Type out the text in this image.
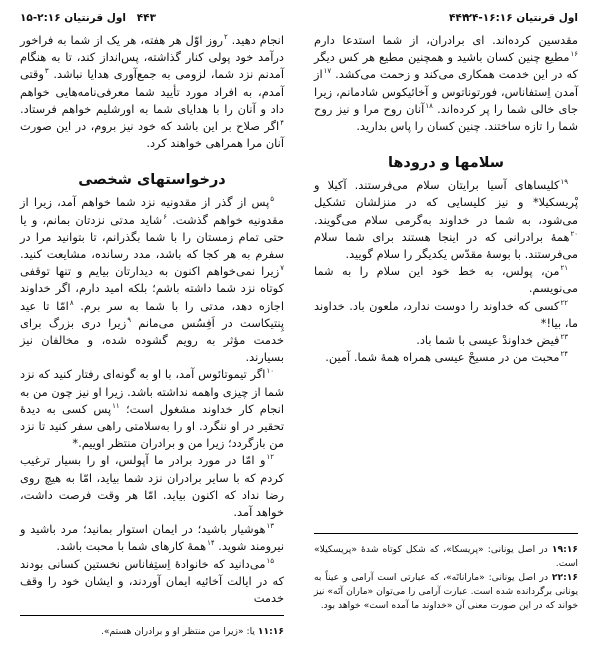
۴۴۳
اول قرنتیان ۱۵-۲:۱۶

انجام دهید. $^۲$روز اوّل هر هفته، هر یک از شما به فراخور درآمد خود پولی کنار گذاشته، پس‌انداز کند، تا به هنگام آمدنم نزد شما، لزومی به جمع‌آوری هدایا نباشد. $^۳$وقتی آمدم، به افراد مورد تأیید شما معرفی‌نامه‌هایی خواهم داد و آنان را با هدایای شما به اورشلیم خواهم فرستاد. $^۴$اگر صلاح بر این باشد که خود نیز بروم، در این صورت آنان مرا همراهی خواهند کرد.

درخواستهای شخصی

$^۵$پس از گذر از مقدونیه نزد شما خواهم آمد، زیرا از مقدونیه خواهم گذشت. $^۶$شاید مدتی نزدتان بمانم، و یا حتی تمام زمستان را با شما بگذرانم، تا بتوانید مرا در سفرم به هر کجا که باشد، مدد رسانده، مشایعت کنید. $^۷$زیرا نمی‌خواهم اکنون به دیدارتان بیایم و تنها توقفی کوتاه نزد شما داشته باشم؛ بلکه امید دارم، اگر خداوند اجازه دهد، مدتی را با شما به سر برم. $^۸$امّا تا عید پِنتیکاست در اَفِسُس می‌مانم $^۹$زیرا دری بزرگ برای خدمت مؤثر به رویم گشوده شده، و مخالفان نیز بسیارند.

$^{۱۰}$اگر تیموتائوس آمد، با او به گونه‌ای رفتار کنید که نزد شما از چیزی واهمه نداشته باشد. زیرا او نیز چون من به انجام کار خداوند مشغول است؛ $^{۱۱}$پس کسی به دیدهٔ تحقیر در او ننگرد. او را به‌سلامتی راهی سفر کنید تا نزد من بازگردد؛ زیرا من و برادران منتظر اوییم.*

$^{۱۲}$و امّا در مورد برادر ما آپولس، او را بسیار ترغیب کردم که با سایر برادران نزد شما بیاید، امّا به هیچ روی رضا نداد که اکنون بیاید. امّا هر وقت فرصت داشت، خواهد آمد.

$^{۱۳}$هوشیار باشید؛ در ایمان استوار بمانید؛ مرد باشید و نیرومند شوید. $^{۱۴}$همهٔ کارهای شما با محبت باشد.

$^{۱۵}$می‌دانید که خانوادهٔ اِستِفاناس نخستین کسانی بودند که در ایالت آخائیه ایمان آوردند، و ایشان خود را وقف خدمت

۱۱:۱۶ یا: «زیرا من منتظر او و برادران هستم».
اول قرنتیان ۲۴-۱۶:۱۶
۴۴۴

مقدسین کرده‌اند. ای برادران، از شما استدعا دارم $^{۱۶}$مطیع چنین کسان باشید و همچنین مطیع هر کس دیگر که در این خدمت همکاری می‌کند و زحمت می‌کشد. $^{۱۷}$از آمدن اِستفاناس، فورتوناتوس و آخائیکوس شادمانم، زیرا جای خالی شما را پر کرده‌اند. $^{۱۸}$آنان روح مرا و نیز روح شما را تازه ساختند. چنین کسان را پاس بدارید.

سلامها و درودها

$^{۱۹}$کلیساهای آسیا برایتان سلام می‌فرستند. آکیلا و پْریسکیلا* و نیز کلیسایی که در منزلشان تشکیل می‌شود، به شما در خداوند به‌گرمی سلام می‌گویند. $^{۲۰}$همهٔ برادرانی که در اینجا هستند برای شما سلام می‌فرستند. با بوسهٔ مقدّس یکدیگر را سلام گویید.

$^{۲۱}$من، پولس، به خط خود این سلام را به شما می‌نویسم.

$^{۲۲}$کسی که خداوند را دوست ندارد، ملعون باد. خداوند ما، بیا!*

$^{۲۳}$فیض خداوندْ عیسی با شما باد.

$^{۲۴}$محبت من در مسیحْ عیسی همراه همهٔ شما. آمین.

۱۹:۱۶ در اصل یونانی: «پریسکا»، که شکل کوتاه شدهٔ «پریسکیلا» است.
۲۲:۱۶ در اصل یونانی: «ماراناتَه»، که عبارتی است آرامی و عیناً به یونانی برگردانده شده است. عبارت آرامی را می‌توان «ماران آتَه» نیز خواند که در این صورت معنی آن «خداوند ما آمده است» خواهد بود.
